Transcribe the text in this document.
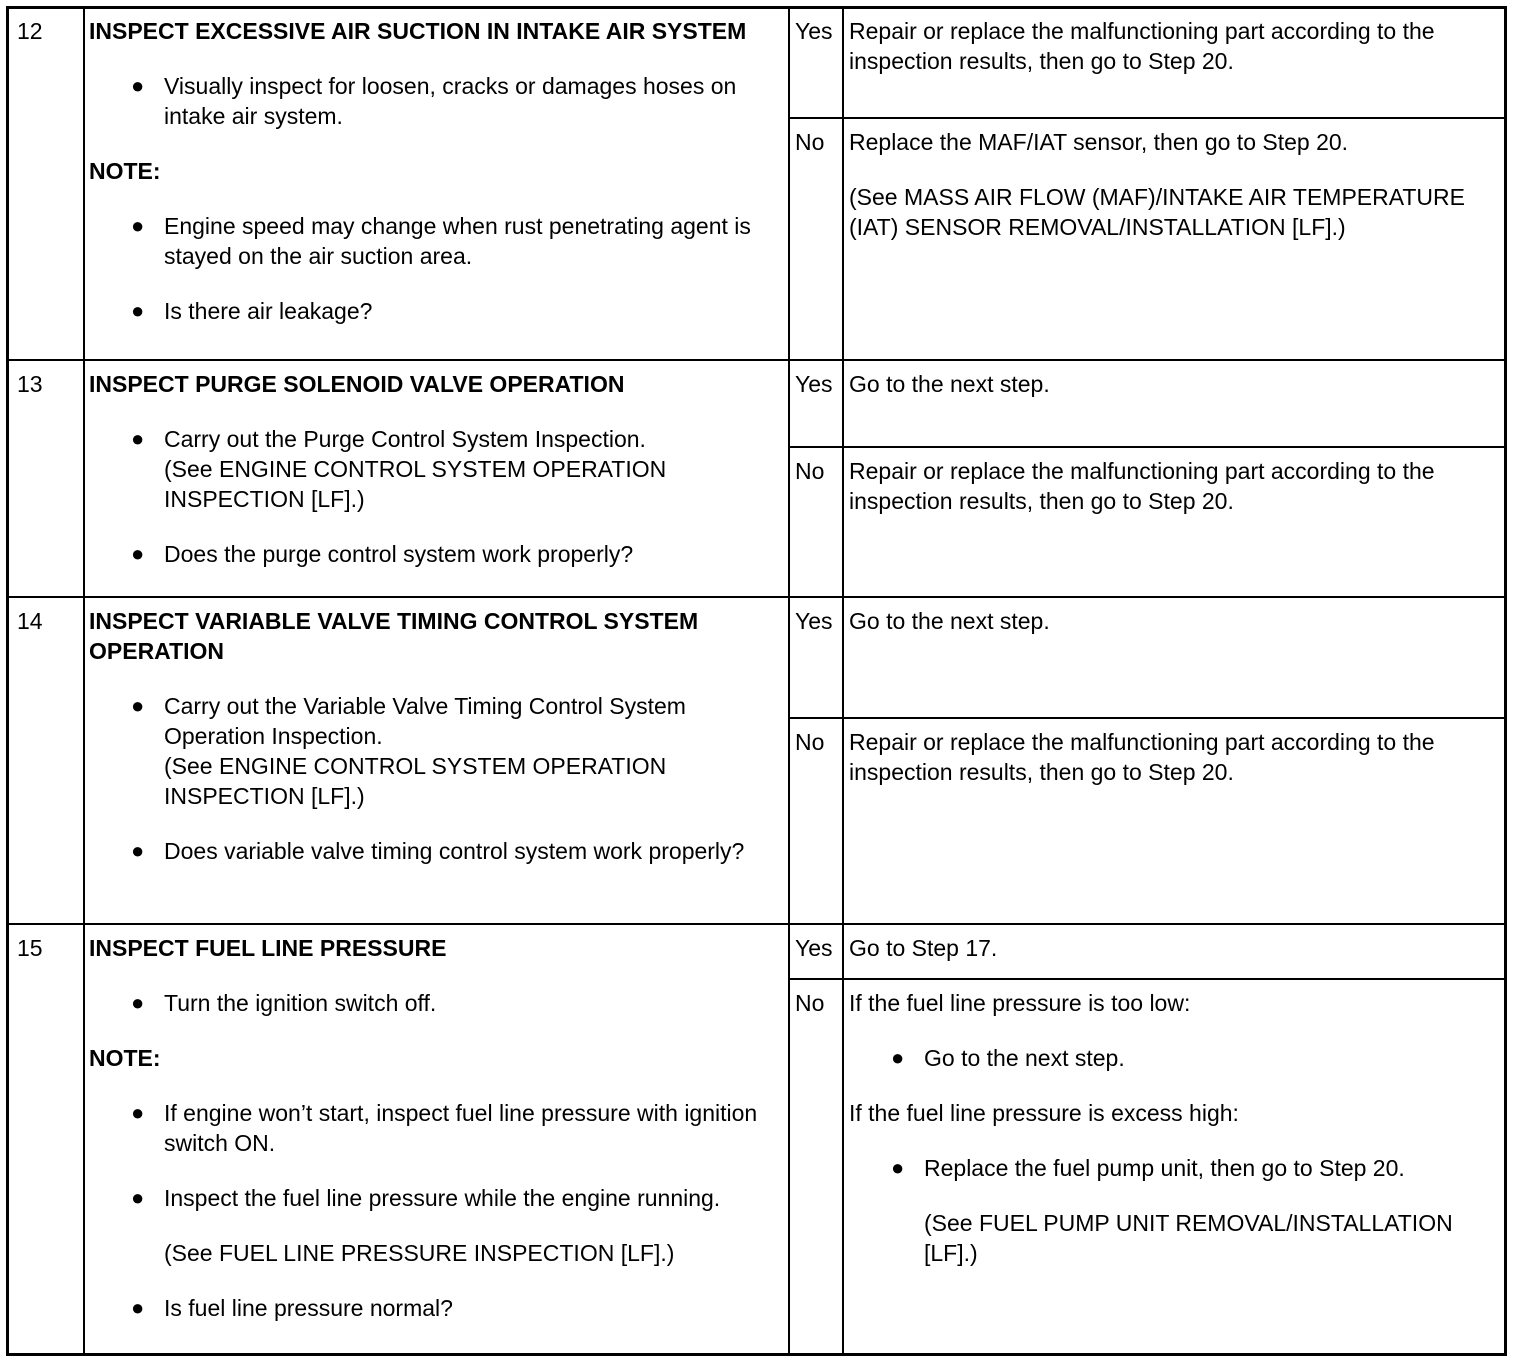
12 INSPECT EXCESSIVE AIR SUCTION IN INTAKE AIR SYSTEM

● Visually inspect for loosen, cracks or damages hoses on intake air system.

NOTE:

● Engine speed may change when rust penetrating agent is stayed on the air suction area.
● Is there air leakage?
Yes Repair or replace the malfunctioning part according to the inspection results, then go to Step 20.
No Replace the MAF/IAT sensor, then go to Step 20.

(See MASS AIR FLOW (MAF)/INTAKE AIR TEMPERATURE (IAT) SENSOR REMOVAL/INSTALLATION [LF].)

13 INSPECT PURGE SOLENOID VALVE OPERATION

● Carry out the Purge Control System Inspection.

(See ENGINE CONTROL SYSTEM OPERATION INSPECTION [LF].)

● Does the purge control system work properly?
Yes Go to the next step.
No Repair or replace the malfunctioning part according to the inspection results, then go to Step 20.
14 INSPECT VARIABLE VALVE TIMING CONTROL SYSTEM OPERATION

● Carry out the Variable Valve Timing Control System Operation Inspection.

(See ENGINE CONTROL SYSTEM OPERATION INSPECTION [LF].)

● Does variable valve timing control system work properly?
Yes Go to the next step.
No Repair or replace the malfunctioning part according to the inspection results, then go to Step 20.
15 INSPECT FUEL LINE PRESSURE

● Turn the ignition switch off.

NOTE:

● If engine won’t start, inspect fuel line pressure with ignition switch ON.
● Inspect the fuel line pressure while the engine running.

(See FUEL LINE PRESSURE INSPECTION [LF].)

● Is fuel line pressure normal?
Yes Go to Step 17.
No If the fuel line pressure is too low:

● Go to the next step.

If the fuel line pressure is excess high:

● Replace the fuel pump unit, then go to Step 20.

(See FUEL PUMP UNIT REMOVAL/INSTALLATION [LF].)
